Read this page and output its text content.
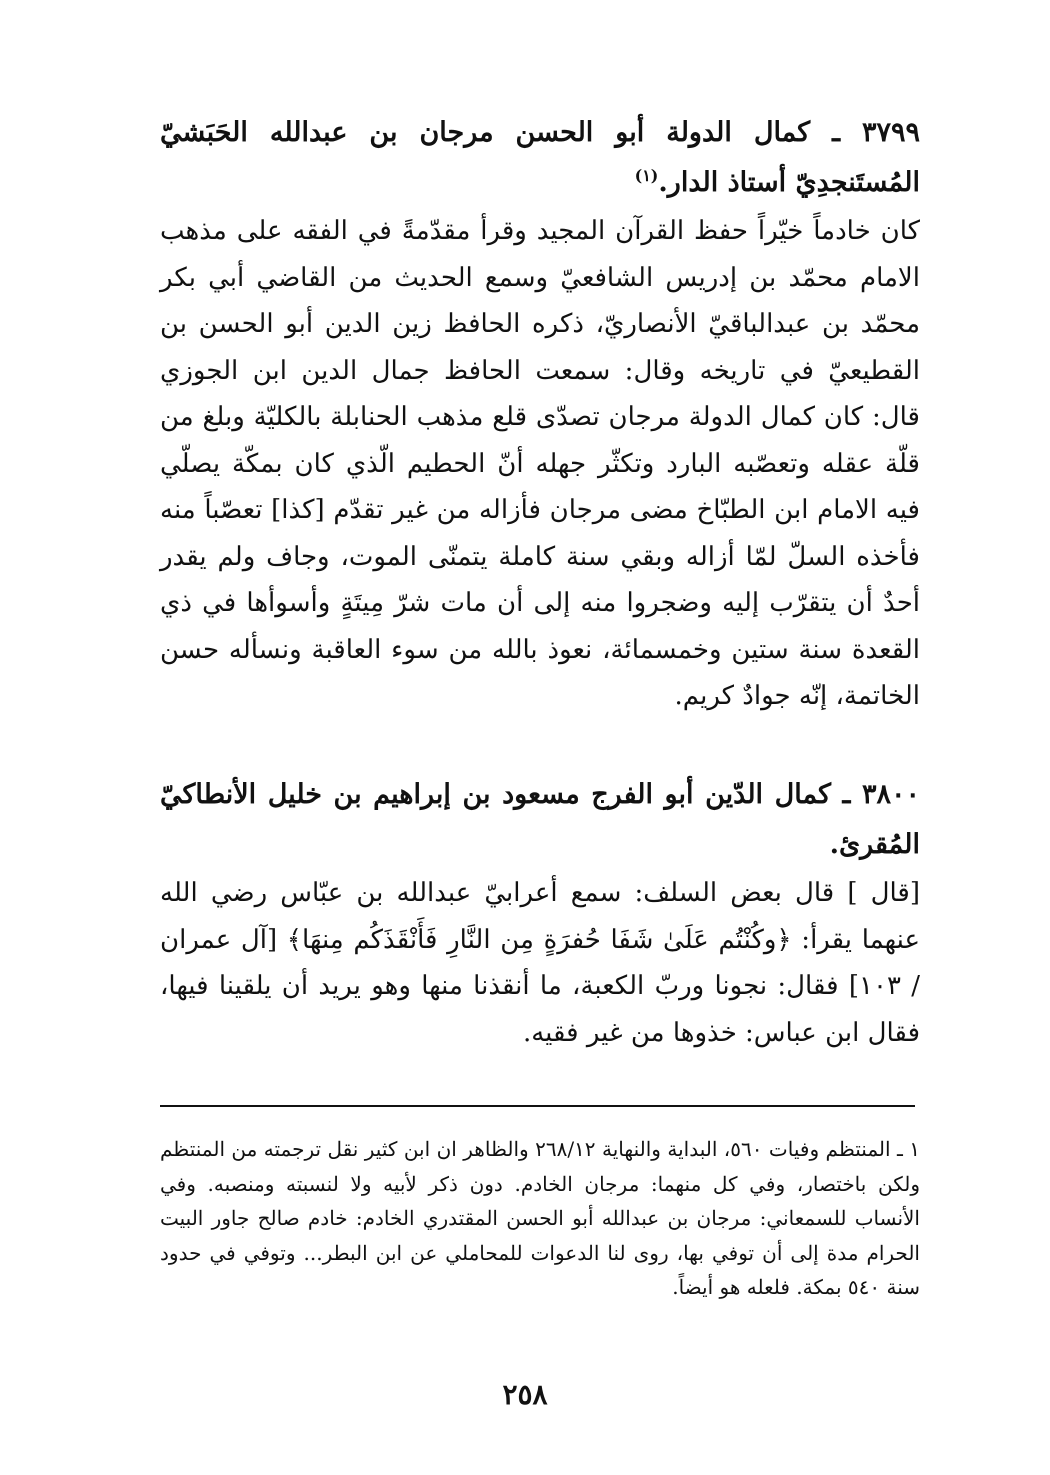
٣٧٩٩ ـ كمال الدولة أبو الحسن مرجان بن عبدالله الحَبَشيّ المُستَنجدِيّ أستاذ الدار.$^{(١)}$

كان خادماً خيّراً حفظ القرآن المجيد وقرأ مقدّمةً في الفقه على مذهب الامام محمّد بن إدريس الشافعيّ وسمع الحديث من القاضي أبي بكر محمّد بن عبدالباقيّ الأنصاريّ، ذكره الحافظ زين الدين أبو الحسن بن القطيعيّ في تاريخه وقال: سمعت الحافظ جمال الدين ابن الجوزي قال: كان كمال الدولة مرجان تصدّى قلع مذهب الحنابلة بالكليّة وبلغ من قلّة عقله وتعصّبه البارد وتكثّر جهله أنّ الحطيم الّذي كان بمكّة يصلّي فيه الامام ابن الطبّاخ مضى مرجان فأزاله من غير تقدّم [كذا] تعصّباً منه فأخذه السلّ لمّا أزاله وبقي سنة كاملة يتمنّى الموت، وجاف ولم يقدر أحدٌ أن يتقرّب إليه وضجروا منه إلى أن مات شرّ مِيتَةٍ وأسوأها في ذي القعدة سنة ستين وخمسمائة، نعوذ بالله من سوء العاقبة ونسأله حسن الخاتمة، إنّه جوادٌ كريم.

٣٨٠٠ ـ كمال الدّين أبو الفرج مسعود بن إبراهيم بن خليل الأنطاكيّ المُقرئ.

[قال ] قال بعض السلف: سمع أعرابيّ عبدالله بن عبّاس رضي الله عنهما يقرأ: ﴿وكُنْتُم عَلَىٰ شَفَا حُفرَةٍ مِن النَّارِ فَأَنْقَذَكُم مِنهَا﴾ [آل عمران / ١٠٣] فقال: نجونا وربّ الكعبة، ما أنقذنا منها وهو يريد أن يلقينا فيها، فقال ابن عباس: خذوها من غير فقيه.

١ ـ المنتظم وفيات ٥٦٠، البداية والنهاية ٢٦٨/١٢ والظاهر ان ابن كثير نقل ترجمته من المنتظم ولكن باختصار، وفي كل منهما: مرجان الخادم. دون ذكر لأبيه ولا لنسبته ومنصبه. وفي الأنساب للسمعاني: مرجان بن عبدالله أبو الحسن المقتدري الخادم: خادم صالح جاور البيت الحرام مدة إلى أن توفي بها، روى لنا الدعوات للمحاملي عن ابن البطر... وتوفي في حدود سنة ٥٤٠ بمكة. فلعله هو أيضاً.

٢٥٨
